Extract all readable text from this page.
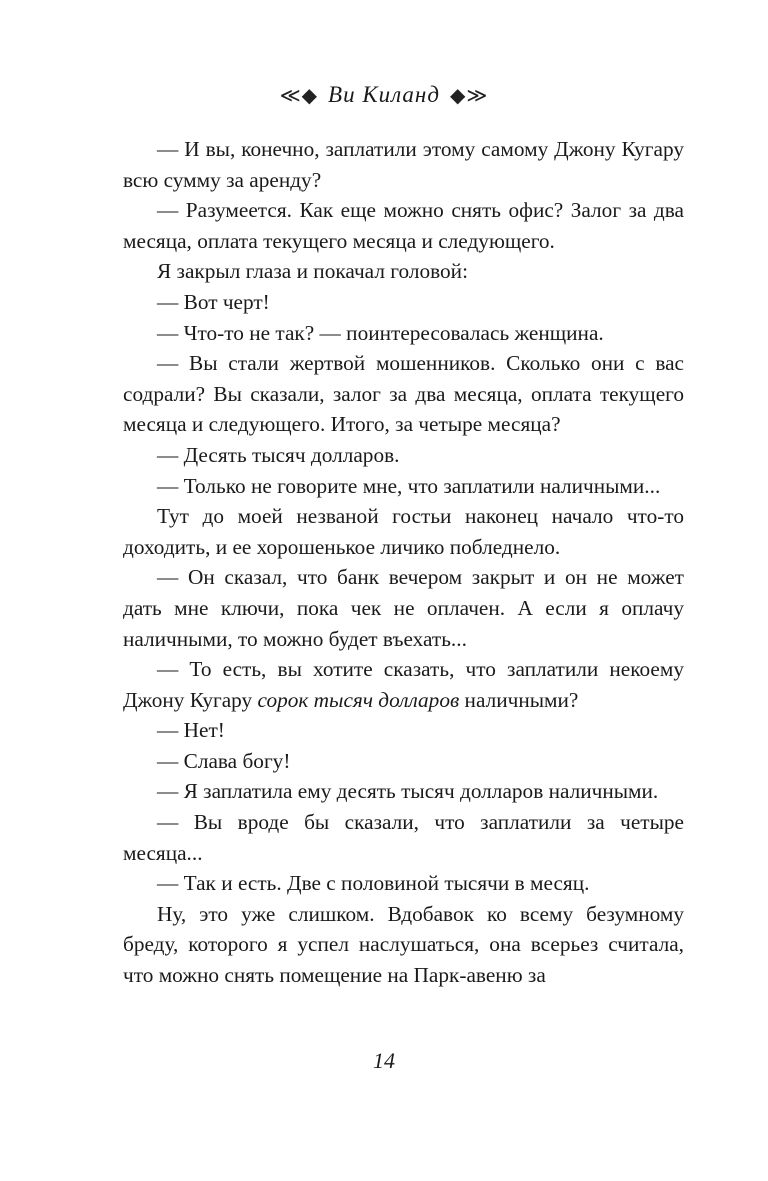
≪◆ Ви Киланд ◆≫

— И вы, конечно, заплатили этому самому Джону Кугару всю сумму за аренду?

— Разумеется. Как еще можно снять офис? Залог за два месяца, оплата текущего месяца и следующего.

Я закрыл глаза и покачал головой:

— Вот черт!

— Что-то не так? — поинтересовалась женщина.

— Вы стали жертвой мошенников. Сколько они с вас содрали? Вы сказали, залог за два месяца, оплата текущего месяца и следующего. Итого, за четыре месяца?

— Десять тысяч долларов.

— Только не говорите мне, что заплатили наличными...

Тут до моей незваной гостьи наконец начало что-то доходить, и ее хорошенькое личико побледнело.

— Он сказал, что банк вечером закрыт и он не может дать мне ключи, пока чек не оплачен. А если я оплачу наличными, то можно будет въехать...

— То есть, вы хотите сказать, что заплатили некоему Джону Кугару сорок тысяч долларов наличными?

— Нет!

— Слава богу!

— Я заплатила ему десять тысяч долларов наличными.

— Вы вроде бы сказали, что заплатили за четыре месяца...

— Так и есть. Две с половиной тысячи в месяц.

Ну, это уже слишком. Вдобавок ко всему безумному бреду, которого я успел наслушаться, она всерьез считала, что можно снять помещение на Парк-авеню за

14
